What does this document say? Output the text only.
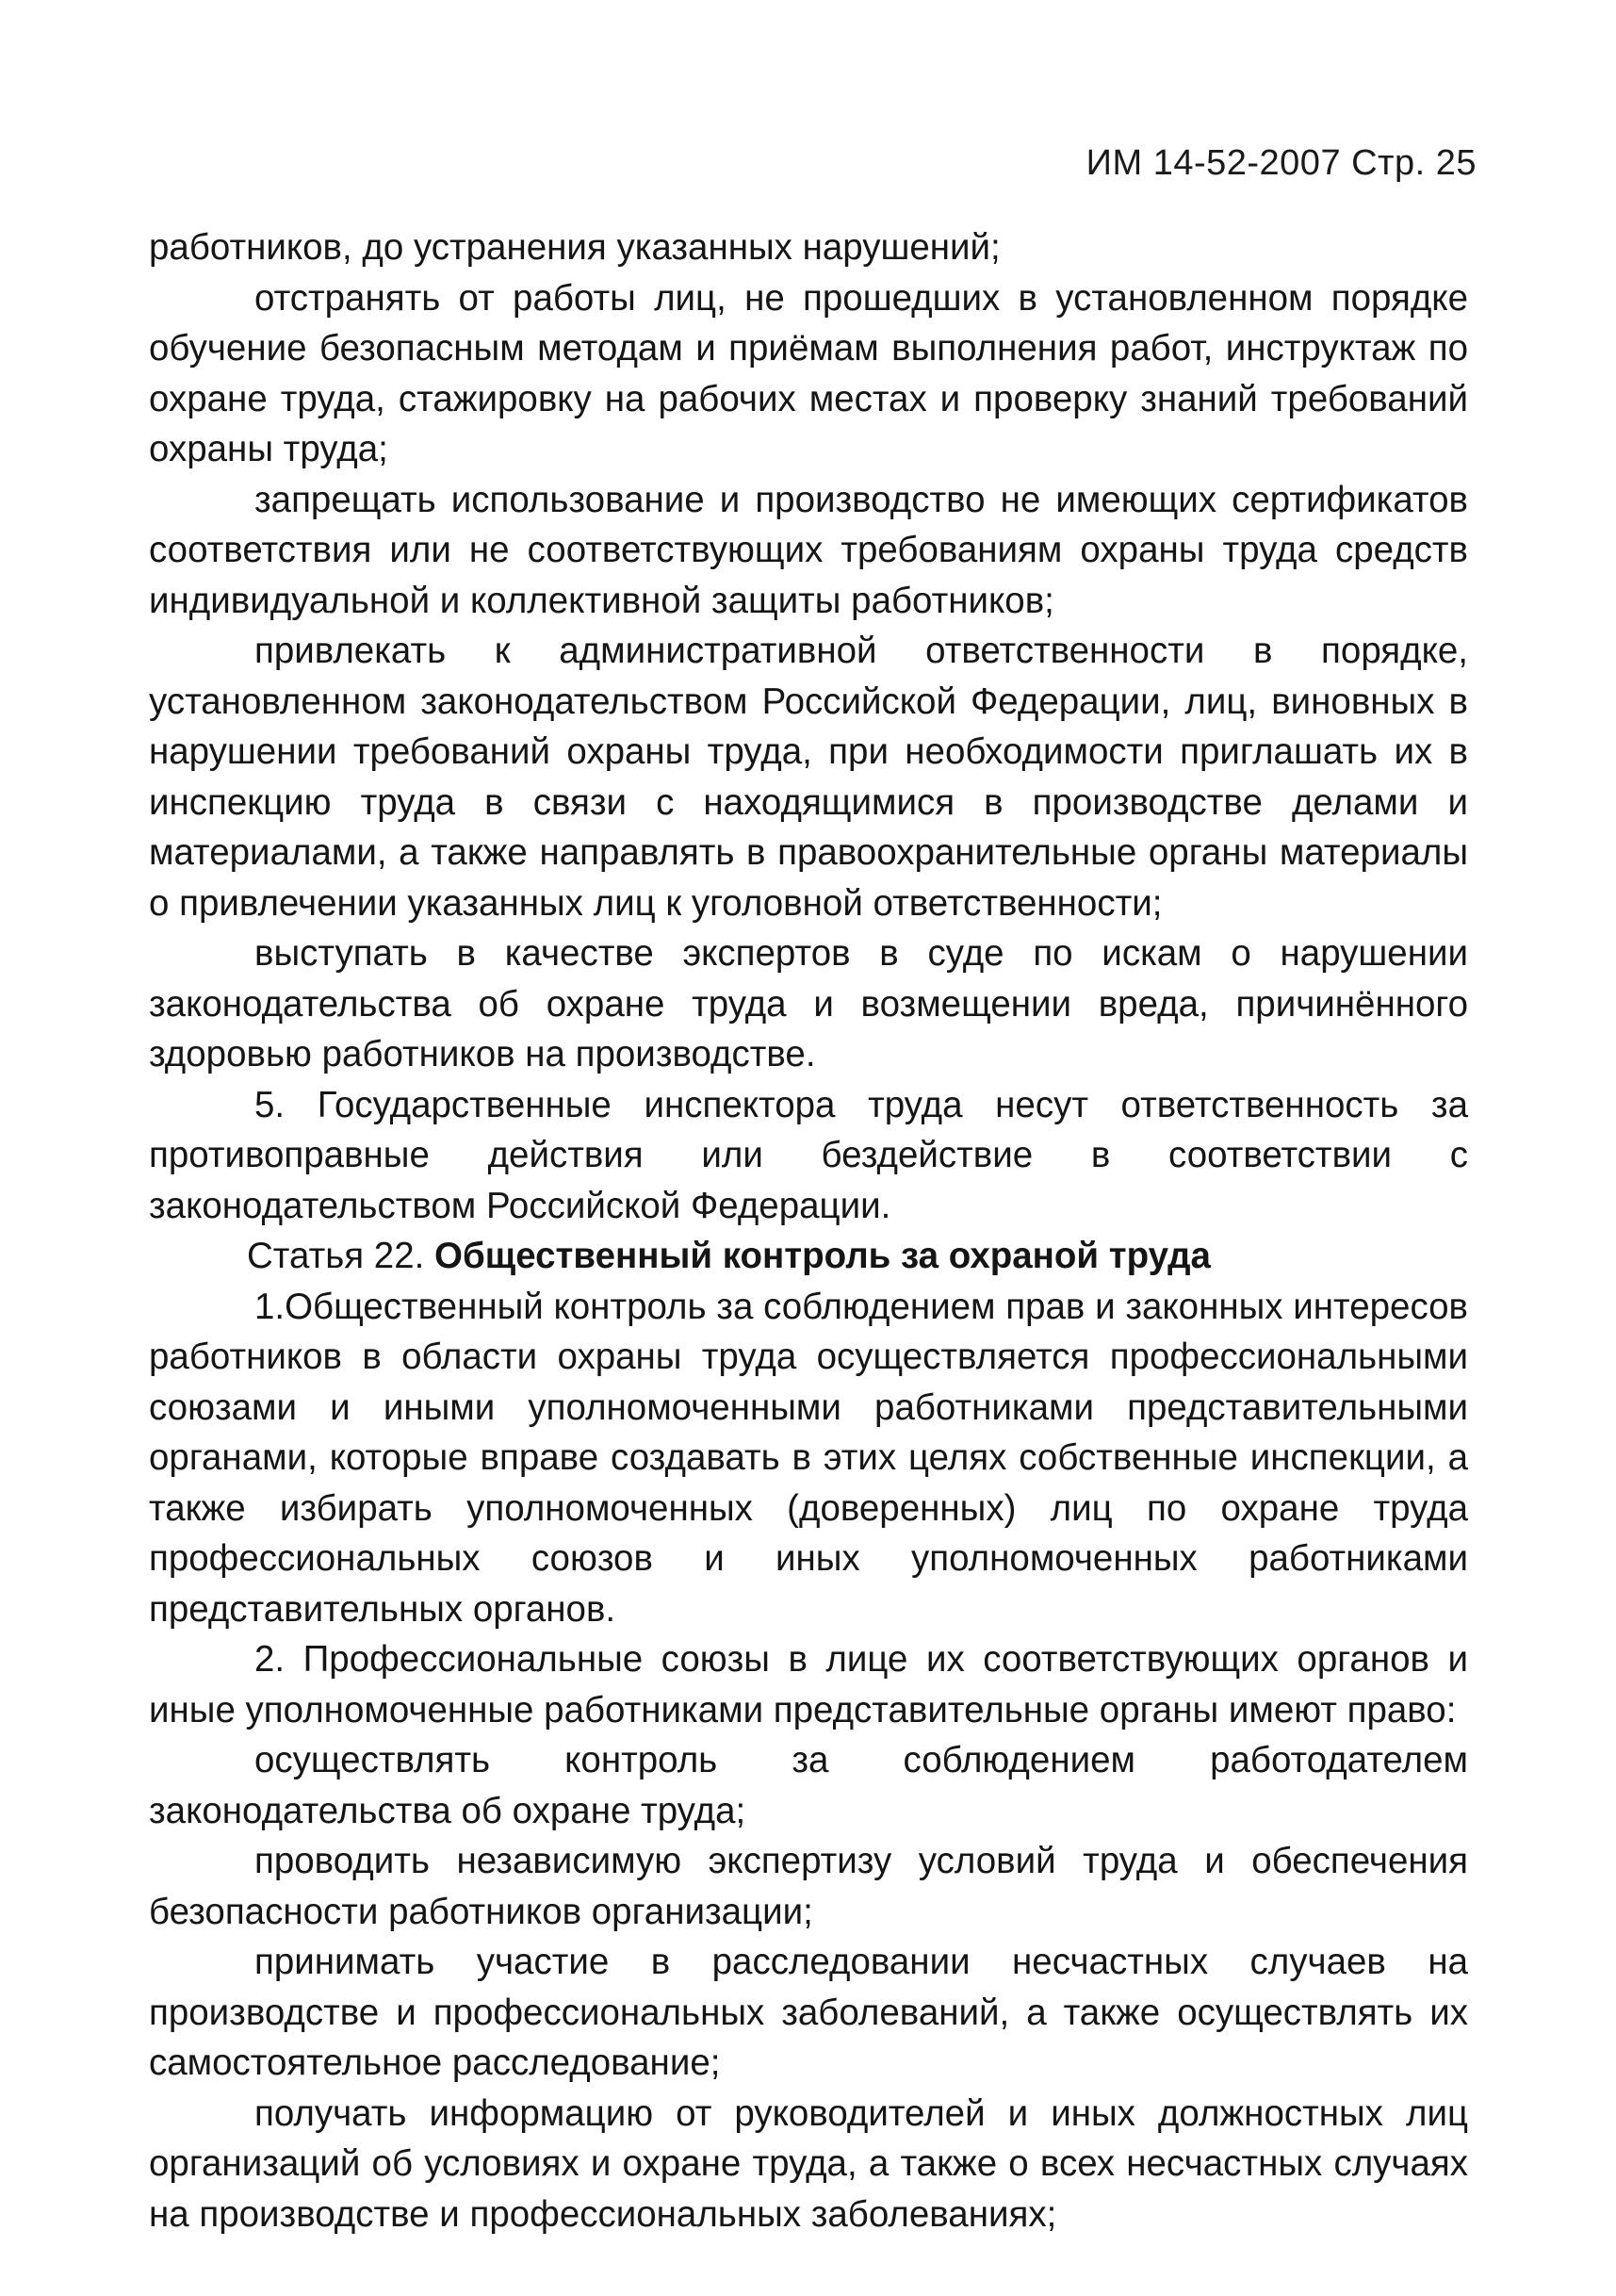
ИМ 14-52-2007 Стр. 25

работников, до устранения указанных нарушений;

отстранять от работы лиц, не прошедших в установленном порядке обучение безопасным методам и приёмам выполнения работ, инструктаж по охране труда, стажировку на рабочих местах и проверку знаний требований охраны труда;

запрещать использование и производство не имеющих сертификатов соответствия или не соответствующих требованиям охраны труда средств индивидуальной и коллективной защиты работников;

привлекать к административной ответственности в порядке, установленном законодательством Российской Федерации, лиц, виновных в нарушении требований охраны труда, при необходимости приглашать их в инспекцию труда в связи с находящимися в производстве делами и материалами, а также направлять в правоохранительные органы материалы о привлечении указанных лиц к уголовной ответственности;

выступать в качестве экспертов в суде по искам о нарушении законодательства об охране труда и возмещении вреда, причинённого здоровью работников на производстве.

5. Государственные инспектора труда несут ответственность за противоправные действия или бездействие в соответствии с законодательством Российской Федерации.

Статья 22. Общественный контроль за охраной труда

1.Общественный контроль за соблюдением прав и законных интересов работников в области охраны труда осуществляется профессиональными союзами и иными уполномоченными работниками представительными органами, которые вправе создавать в этих целях собственные инспекции, а также избирать уполномоченных (доверенных) лиц по охране труда профессиональных союзов и иных уполномоченных работниками представительных органов.

2. Профессиональные союзы в лице их соответствующих органов и иные уполномоченные работниками представительные органы имеют право:

осуществлять контроль за соблюдением работодателем законодательства об охране труда;

проводить независимую экспертизу условий труда и обеспечения безопасности работников организации;

принимать участие в расследовании несчастных случаев на производстве и профессиональных заболеваний, а также осуществлять их самостоятельное расследование;

получать информацию от руководителей и иных должностных лиц организаций об условиях и охране труда, а также о всех несчастных случаях на производстве и профессиональных заболеваниях;
